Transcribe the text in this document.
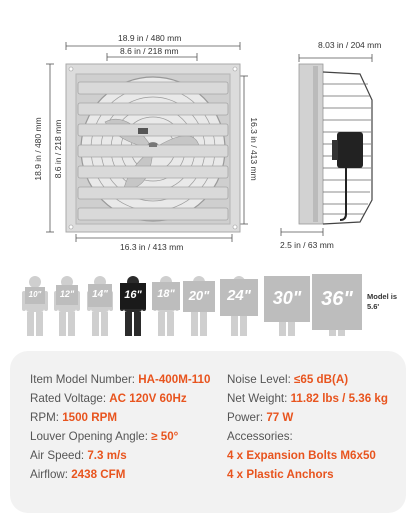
18.9 in / 480 mm
8.6 in / 218 mm
18.9 in / 480 mm 8.6 in / 218 mm	16.3 in / 413 mm
16.3 in / 413 mm
8.03 in / 204 mm
2.5 in / 63 mm
10"	12"	14"	16"	18"	20"	24"	30" 36"	Model is
5.6'
Item Model Number: HA-400M-110
Rated Voltage: AC 120V 60Hz
RPM: 1500 RPM
Louver Opening Angle: ≥ 50°
Air Speed: 7.3 m/s
Airflow: 2438 CFM
Noise Level: ≤65 dB(A)
Net Weight: 11.82 lbs / 5.36 kg
Power: 77 W
Accessories:
4 x Expansion Bolts M6x50
4 x Plastic Anchors
